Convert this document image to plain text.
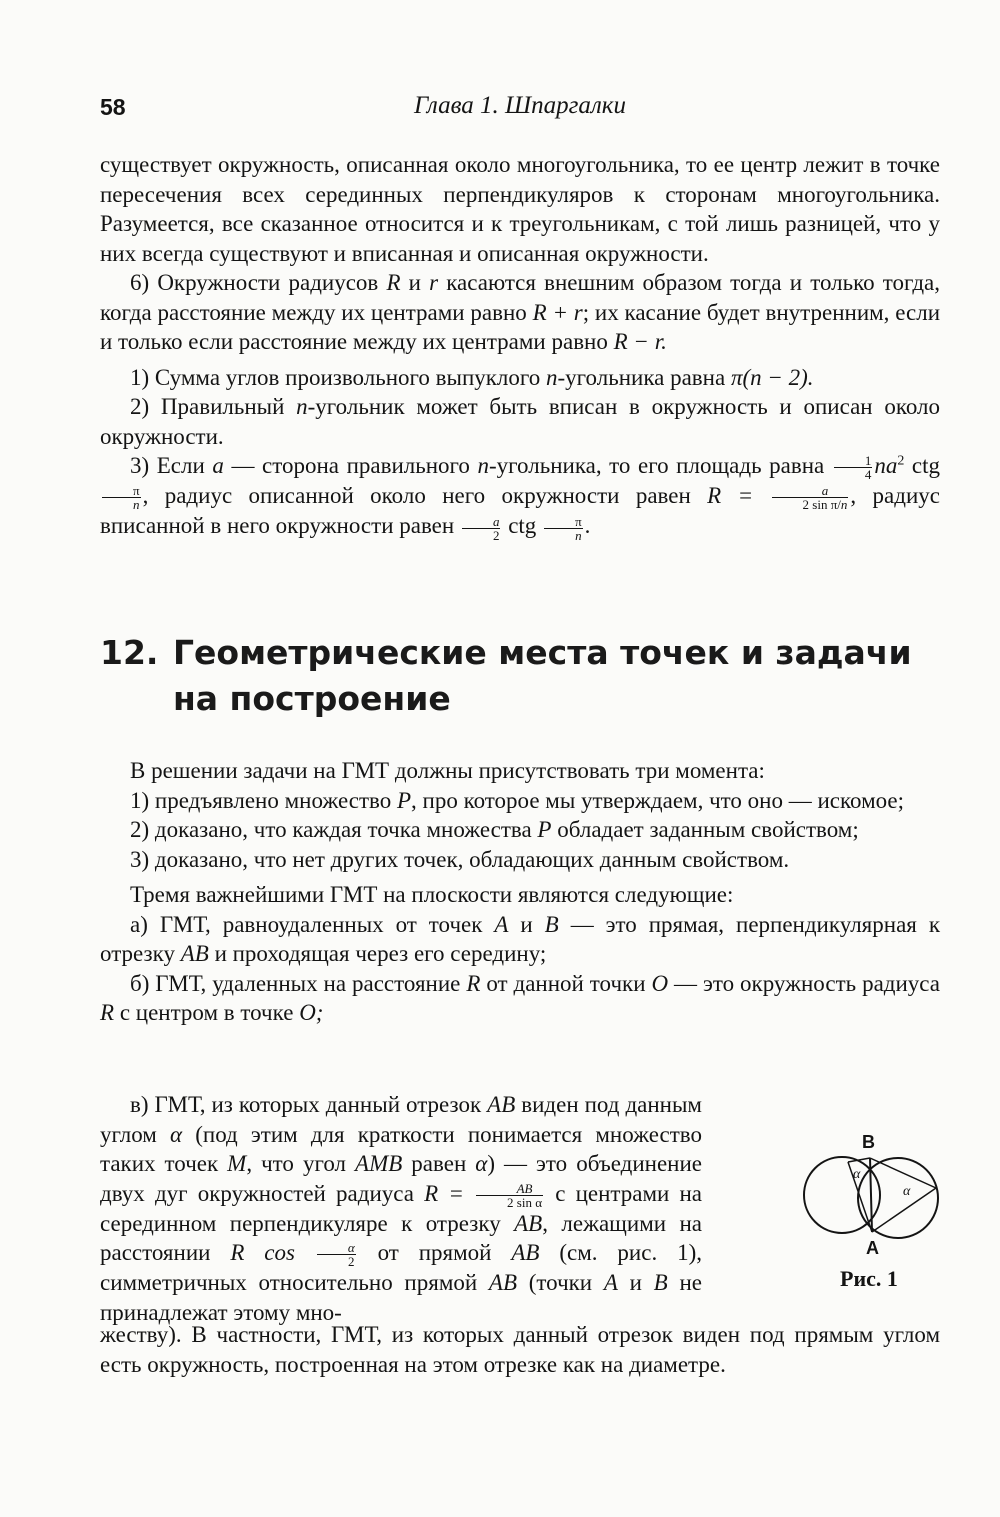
58	Глава 1. Шпаргалки

существует окружность, описанная около многоугольника, то ее центр лежит в точке пересечения всех серединных перпендикуляров к сторонам многоугольника. Разумеется, все сказанное относится и к треугольникам, с той лишь разницей, что у них всегда существуют и вписанная и описанная окружности.

6) Окружности радиусов R и r касаются внешним образом тогда и только тогда, когда расстояние между их центрами равно R + r; их касание будет внутренним, если и только если расстояние между их центрами равно R − r.

1) Сумма углов произвольного выпуклого n-угольника равна π(n − 2).

2) Правильный n-угольник может быть вписан в окружность и описан около окружности.

3) Если a — сторона правильного n-угольника, то его площадь равна $\frac{1}{4} na^2$ ctg
$\frac{\pi}{n}$ , радиус описанной около него окружности равен $R = \frac{a}{\text{2 sin π/n}}$ , радиус вписанной в него окружности равен $\frac{a}{2}$ ctg $\frac{\pi}{n}$ .

12. Геометрические места точек и задачи на построение

В решении задачи на ГМТ должны присутствовать три момента:

1) предъявлено множество P, про которое мы утверждаем, что оно — искомое;

2) доказано, что каждая точка множества P обладает заданным свойством;

3) доказано, что нет других точек, обладающих данным свойством.

Тремя важнейшими ГМТ на плоскости являются следующие:

а) ГМТ, равноудаленных от точек A и B — это прямая, перпендикулярная к отрезку AB и проходящая через его середину;

б) ГМТ, удаленных на расстояние R от данной точки O — это окружность радиуса R с центром в точке O;

в) ГМТ, из которых данный отрезок AB виден под данным углом α (под этим для краткости понимается множество таких точек M, что угол AMB равен α) — это объединение двух дуг окружностей радиуса $R = \frac{AB}{\text{2 sin α}}$ с центрами на серединном перпендикуляре к отрезку AB, лежащими на расстоянии R $\cos \frac{\alpha}{2}$ от прямой AB (см. рис. 1), симметричных относительно прямой AB (точки A и B не принадлежат этому мно-

жеству). В частности, ГМТ, из которых данный отрезок виден под прямым углом есть окружность, построенная на этом отрезке как на диаметре.

B
A
α
α
Рис. 1
